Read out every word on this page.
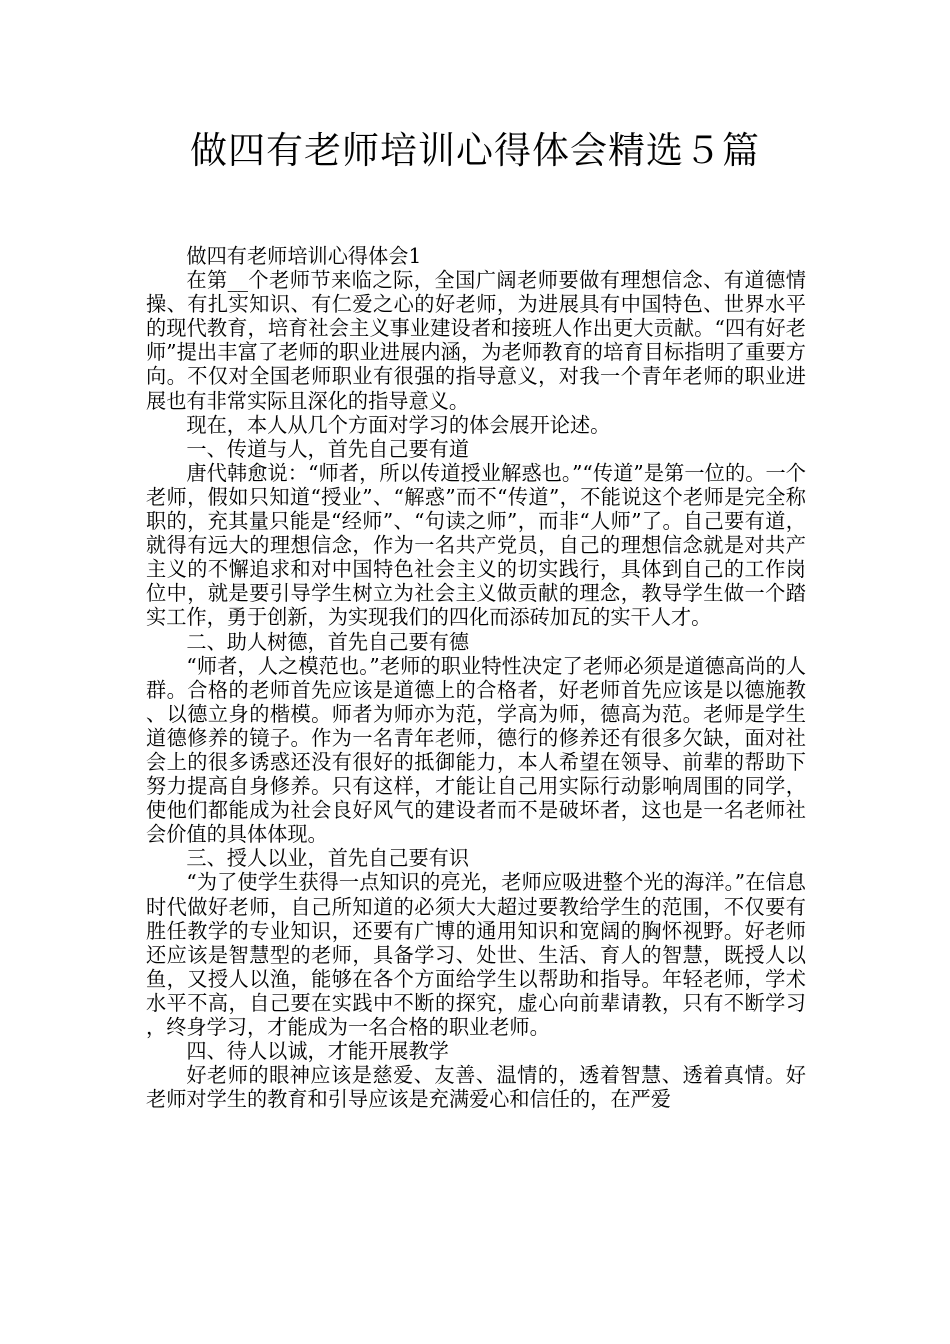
做四有老师培训心得体会精选５篇

做四有老师培训心得体会1

在第__个老师节来临之际，全国广阔老师要做有理想信念、有道德情操、有扎实知识、有仁爱之心的好老师，为进展具有中国特色、世界水平的现代教育，培育社会主义事业建设者和接班人作出更大贡献。“四有好老师”提出丰富了老师的职业进展内涵，为老师教育的培育目标指明了重要方向。不仅对全国老师职业有很强的指导意义，对我一个青年老师的职业进展也有非常实际且深化的指导意义。

现在，本人从几个方面对学习的体会展开论述。

一、传道与人，首先自己要有道

唐代韩愈说：“师者，所以传道授业解惑也。”“传道”是第一位的。一个老师，假如只知道“授业”、“解惑”而不“传道”，不能说这个老师是完全称职的，充其量只能是“经师”、“句读之师”，而非“人师”了。自己要有道，就得有远大的理想信念，作为一名共产党员，自己的理想信念就是对共产主义的不懈追求和对中国特色社会主义的切实践行，具体到自己的工作岗位中，就是要引导学生树立为社会主义做贡献的理念，教导学生做一个踏实工作，勇于创新，为实现我们的四化而添砖加瓦的实干人才。

二、助人树德，首先自己要有德

“师者，人之模范也。”老师的职业特性决定了老师必须是道德高尚的人群。合格的老师首先应该是道德上的合格者，好老师首先应该是以德施教、以德立身的楷模。师者为师亦为范，学高为师，德高为范。老师是学生道德修养的镜子。作为一名青年老师，德行的修养还有很多欠缺，面对社会上的很多诱惑还没有很好的抵御能力，本人希望在领导、前辈的帮助下努力提高自身修养。只有这样，才能让自己用实际行动影响周围的同学，使他们都能成为社会良好风气的建设者而不是破坏者，这也是一名老师社会价值的具体体现。

三、授人以业，首先自己要有识

“为了使学生获得一点知识的亮光，老师应吸进整个光的海洋。”在信息时代做好老师，自己所知道的必须大大超过要教给学生的范围，不仅要有胜任教学的专业知识，还要有广博的通用知识和宽阔的胸怀视野。好老师还应该是智慧型的老师，具备学习、处世、生活、育人的智慧，既授人以鱼，又授人以渔，能够在各个方面给学生以帮助和指导。年轻老师，学术水平不高，自己要在实践中不断的探究，虚心向前辈请教，只有不断学习，终身学习，才能成为一名合格的职业老师。

四、待人以诚，才能开展教学

好老师的眼神应该是慈爱、友善、温情的，透着智慧、透着真情。好老师对学生的教育和引导应该是充满爱心和信任的，在严爱
